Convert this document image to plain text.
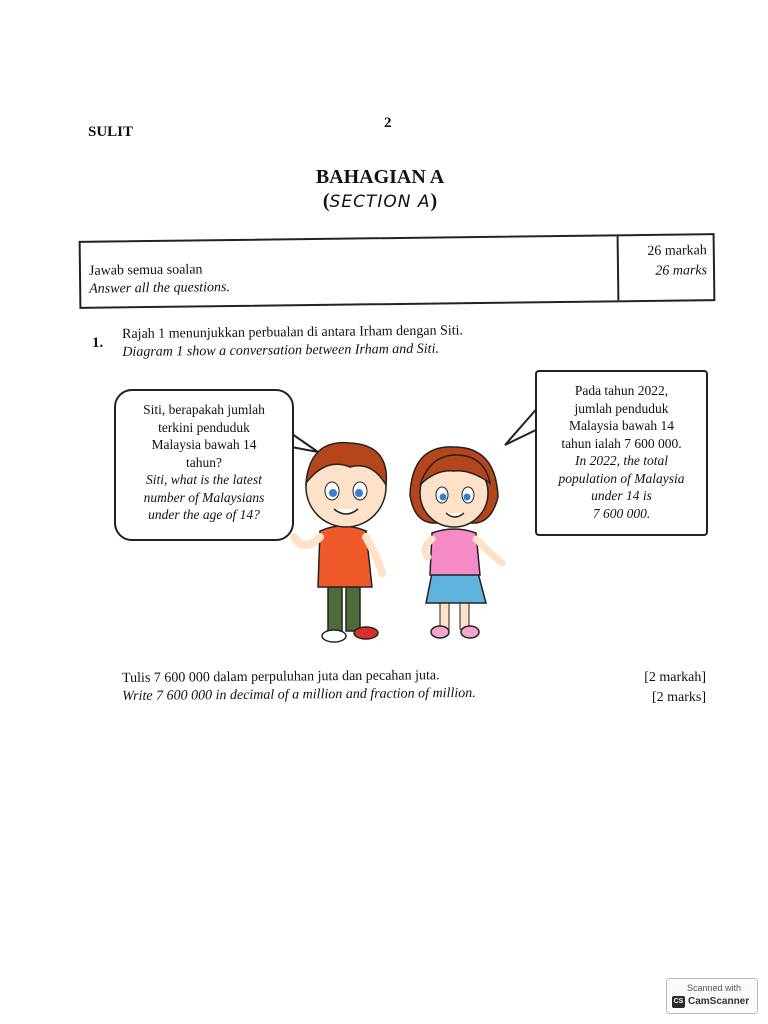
2
SULIT
BAHAGIAN A
(SECTION A)
Jawab semua soalan
Answer all the questions.
26 markah
26 marks
1.
Rajah 1 menunjukkan perbualan di antara Irham dengan Siti.
Diagram 1 show a conversation between Irham and Siti.
Siti, berapakah jumlah
terkini penduduk
Malaysia bawah 14
tahun?
Siti, what is the latest
number of Malaysians
under the age of 14?
Pada tahun 2022,
jumlah penduduk
Malaysia bawah 14
tahun ialah 7 600 000.
In 2022, the total
population of Malaysia
under 14 is
7 600 000.
Tulis 7 600 000 dalam perpuluhan juta dan pecahan juta.
Write 7 600 000 in decimal of a million and fraction of million.
[2 markah]
[2 marks]
Scanned with
CS CamScanner
